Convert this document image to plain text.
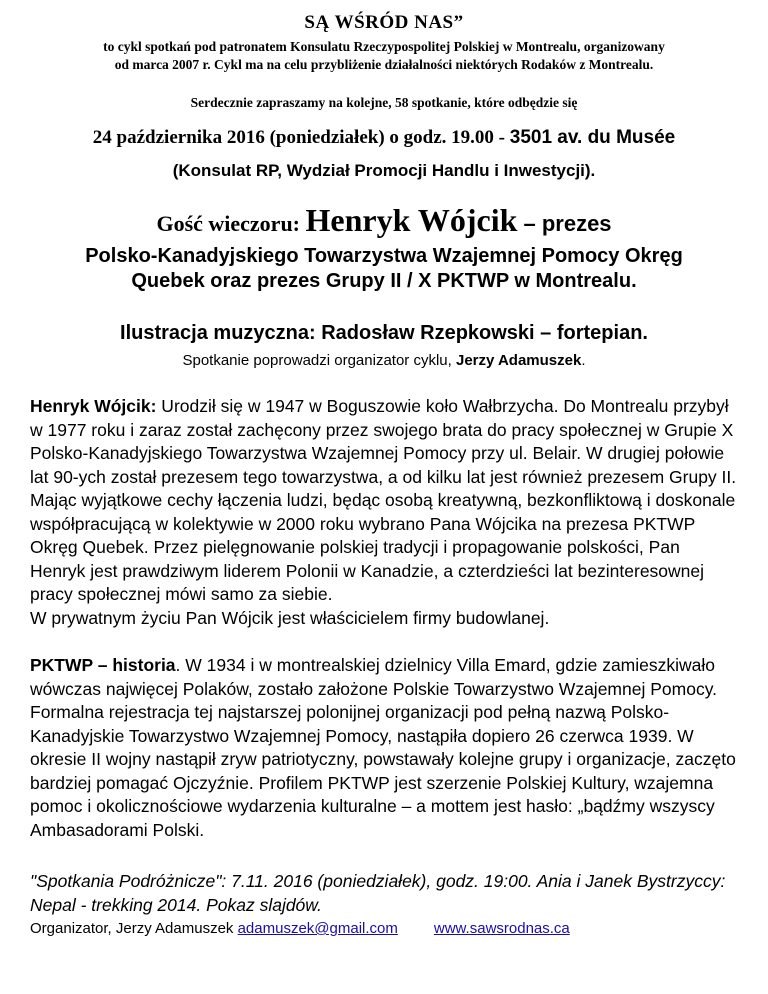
SĄ WŚRÓD NAS”

to cykl spotkań pod patronatem Konsulatu Rzeczypospolitej Polskiej w Montrealu, organizowany
od marca 2007 r. Cykl ma na celu przybliżenie działalności niektórych Rodaków z Montrealu.

Serdecznie zapraszamy na kolejne, 58 spotkanie, które odbędzie się

24 października 2016 (poniedziałek) o godz. 19.00 - 3501 av. du Musée

(Konsulat RP, Wydział Promocji Handlu i Inwestycji).

Gość wieczoru: Henryk Wójcik – prezes

Polsko-Kanadyjskiego Towarzystwa Wzajemnej Pomocy Okręg

Quebek oraz prezes Grupy II / X PKTWP w Montrealu.

Ilustracja muzyczna: Radosław Rzepkowski – fortepian.

Spotkanie poprowadzi organizator cyklu, Jerzy Adamuszek.

Henryk Wójcik: Urodził się w 1947 w Boguszowie koło Wałbrzycha. Do Montrealu przybył w 1977 roku i zaraz został zachęcony przez swojego brata do pracy społecznej w Grupie X Polsko-Kanadyjskiego Towarzystwa Wzajemnej Pomocy przy ul. Belair. W drugiej połowie lat 90-ych został prezesem tego towarzystwa, a od kilku lat jest również prezesem Grupy II. Mając wyjątkowe cechy łączenia ludzi, będąc osobą kreatywną, bezkonfliktową i doskonale współpracującą w kolektywie w 2000 roku wybrano Pana Wójcika na prezesa PKTWP Okręg Quebek. Przez pielęgnowanie polskiej tradycji i propagowanie polskości, Pan Henryk jest prawdziwym liderem Polonii w Kanadzie, a czterdzieści lat bezinteresownej pracy społecznej mówi samo za siebie.
W prywatnym życiu Pan Wójcik jest właścicielem firmy budowlanej.

PKTWP – historia. W 1934 i w montrealskiej dzielnicy Villa Emard, gdzie zamieszkiwało wówczas najwięcej Polaków, zostało założone Polskie Towarzystwo Wzajemnej Pomocy. Formalna rejestracja tej najstarszej polonijnej organizacji pod pełną nazwą Polsko-Kanadyjskie Towarzystwo Wzajemnej Pomocy, nastąpiła dopiero 26 czerwca 1939. W okresie II wojny nastąpił zryw patriotyczny, powstawały kolejne grupy i organizacje, zaczęto bardziej pomagać Ojczyźnie. Profilem PKTWP jest szerzenie Polskiej Kultury, wzajemna pomoc i okolicznościowe wydarzenia kulturalne – a mottem jest hasło: „bądźmy wszyscy Ambasadorami Polski.

"Spotkania Podróżnicze": 7.11. 2016 (poniedziałek), godz. 19:00. Ania i Janek Bystrzyccy: Nepal - trekking 2014. Pokaz slajdów.

Organizator, Jerzy Adamuszek adamuszek@gmail.com www.sawsrodnas.ca
